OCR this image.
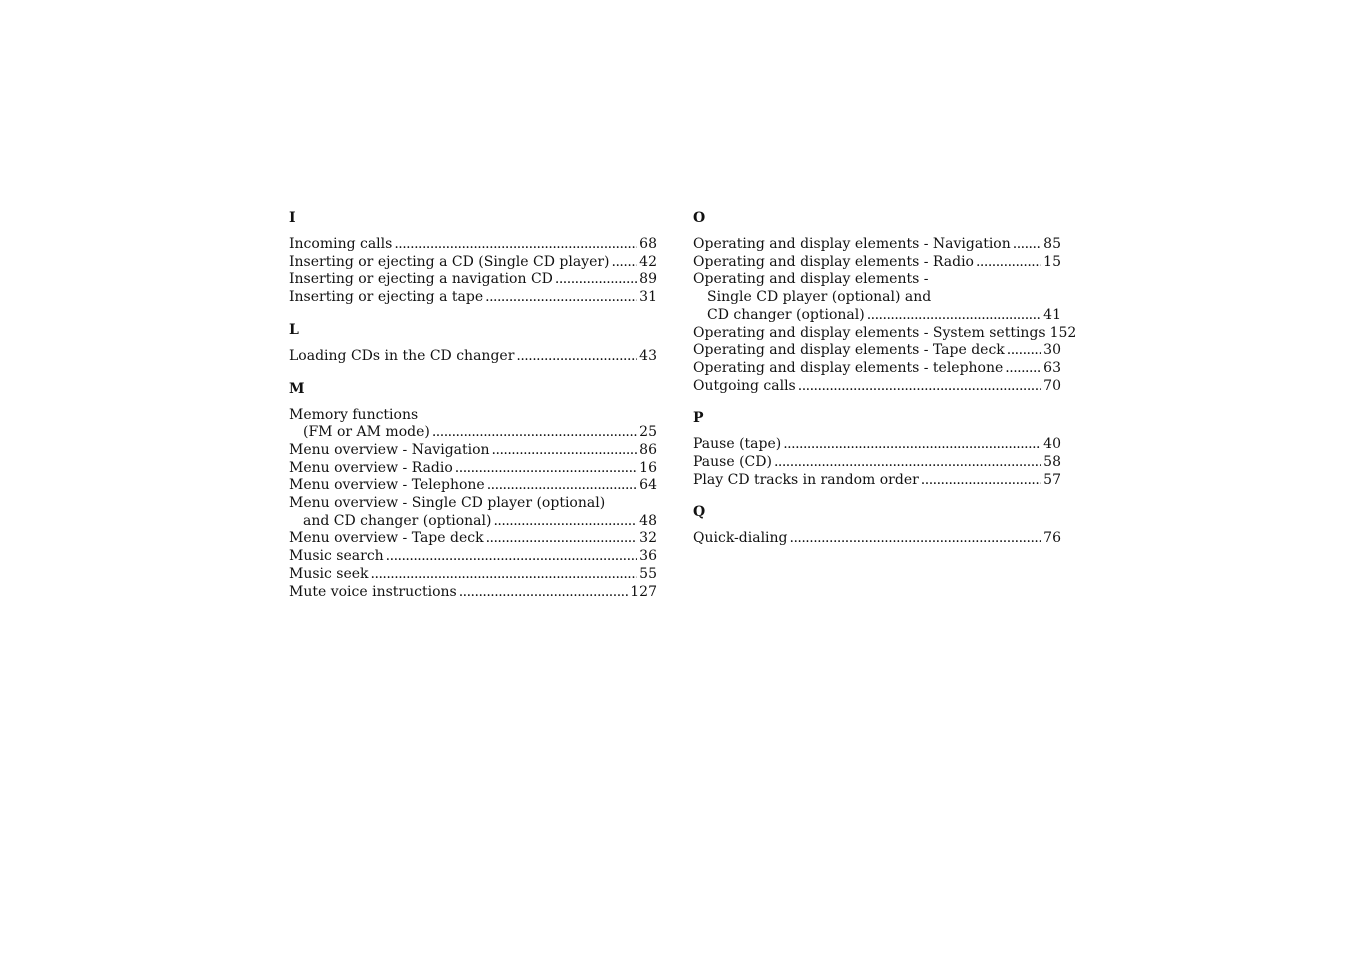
I
Incoming calls .....	68
Inserting or ejecting a CD (Single CD player) ..... 42
Inserting or ejecting a navigation CD .....	89
Inserting or ejecting a tape .....	31
L
Loading CDs in the CD changer .....	43
M
Memory functions
(FM or AM mode) .....	25
Menu overview - Navigation .....	86
Menu overview - Radio .....	16
Menu overview - Telephone .....	64
Menu overview - Single CD player (optional)
and CD changer (optional) .....	48
Menu overview - Tape deck .....	32
Music search .....	36
Music seek .....	55
Mute voice instructions .....	127
O
Operating and display elements - Navigation ..... 85
Operating and display elements - Radio .....	15
Operating and display elements -
Single CD player (optional) and
CD changer (optional) .....	41
Operating and display elements - System settings 152
Operating and display elements - Tape deck .....	30
Operating and display elements - telephone .....	63
Outgoing calls .....	70
P
Pause (tape) .....	40
Pause (CD) .....	58
Play CD tracks in random order .....	57
Q
Quick-dialing .....	76
